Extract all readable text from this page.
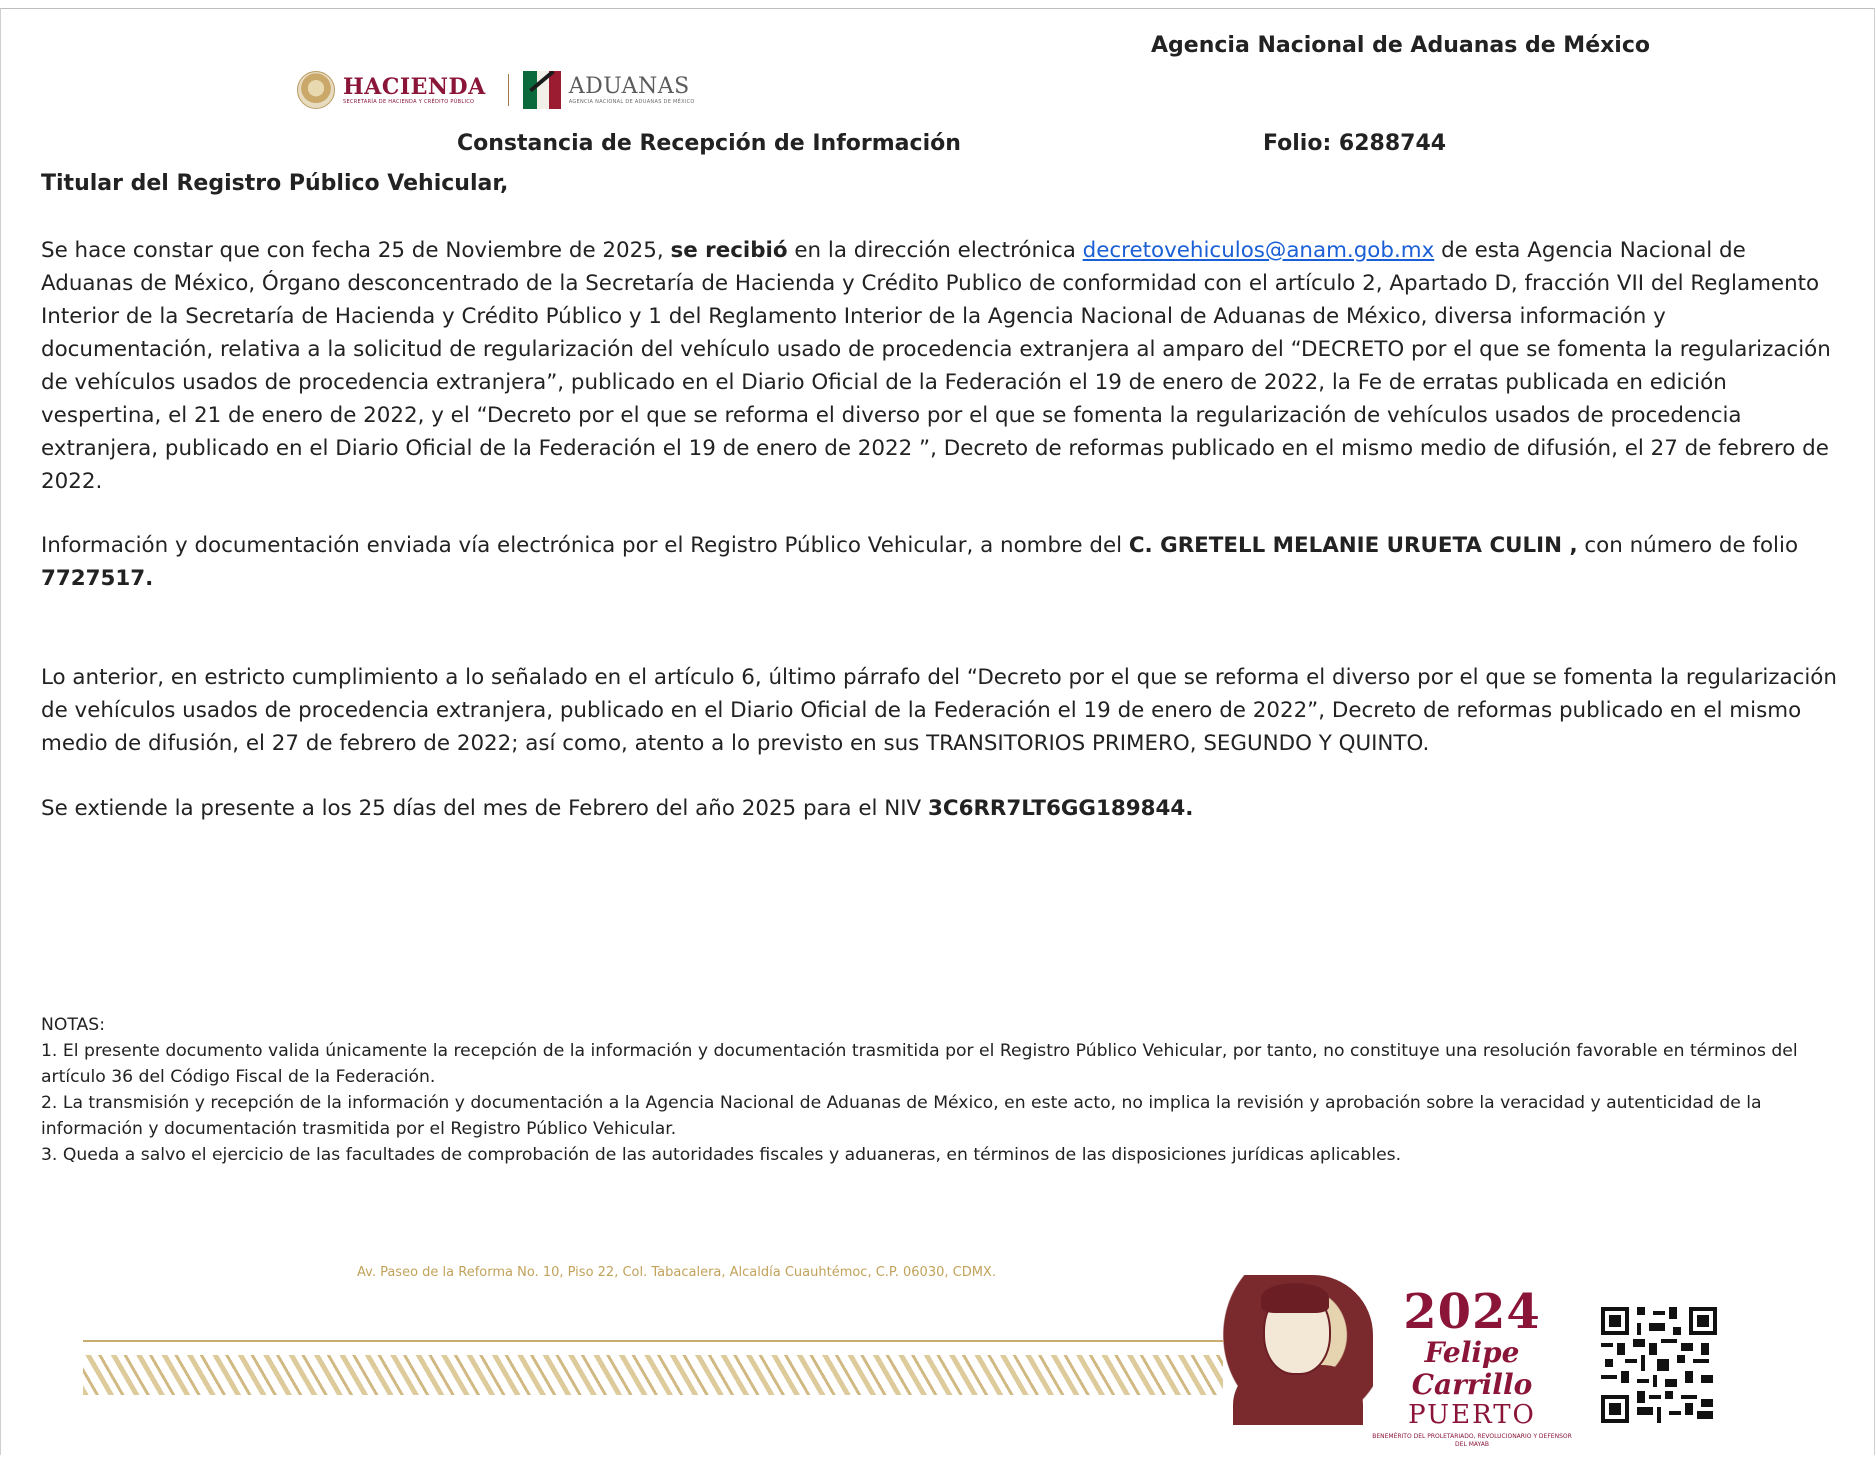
Agencia Nacional de Aduanas de México
HACIENDA
SECRETARÍA DE HACIENDA Y CRÉDITO PÚBLICO
ADUANAS
AGENCIA NACIONAL DE ADUANAS DE MÉXICO
Constancia de Recepción de Información	Folio: 6288744
Titular del Registro Público Vehicular,

Se hace constar que con fecha 25 de Noviembre de 2025, se recibió en la dirección electrónica decretovehiculos@anam.gob.mx de esta Agencia Nacional de Aduanas de México, Órgano desconcentrado de la Secretaría de Hacienda y Crédito Publico de conformidad con el artículo 2, Apartado D, fracción VII del Reglamento Interior de la Secretaría de Hacienda y Crédito Público y 1 del Reglamento Interior de la Agencia Nacional de Aduanas de México, diversa información y documentación, relativa a la solicitud de regularización del vehículo usado de procedencia extranjera al amparo del “DECRETO por el que se fomenta la regularización de vehículos usados de procedencia extranjera”, publicado en el Diario Oficial de la Federación el 19 de enero de 2022, la Fe de erratas publicada en edición vespertina, el 21 de enero de 2022, y el “Decreto por el que se reforma el diverso por el que se fomenta la regularización de vehículos usados de procedencia extranjera, publicado en el Diario Oficial de la Federación el 19 de enero de 2022 ”, Decreto de reformas publicado en el mismo medio de difusión, el 27 de febrero de 2022.

Información y documentación enviada vía electrónica por el Registro Público Vehicular, a nombre del C. GRETELL MELANIE URUETA CULIN , con número de folio 7727517.

Lo anterior, en estricto cumplimiento a lo señalado en el artículo 6, último párrafo del “Decreto por el que se reforma el diverso por el que se fomenta la regularización de vehículos usados de procedencia extranjera, publicado en el Diario Oficial de la Federación el 19 de enero de 2022”, Decreto de reformas publicado en el mismo medio de difusión, el 27 de febrero de 2022; así como, atento a lo previsto en sus TRANSITORIOS PRIMERO, SEGUNDO Y QUINTO.

Se extiende la presente a los 25 días del mes de Febrero del año 2025 para el NIV 3C6RR7LT6GG189844.

NOTAS:
1. El presente documento valida únicamente la recepción de la información y documentación trasmitida por el Registro Público Vehicular, por tanto, no constituye una resolución favorable en términos del artículo 36 del Código Fiscal de la Federación.
2. La transmisión y recepción de la información y documentación a la Agencia Nacional de Aduanas de México, en este acto, no implica la revisión y aprobación sobre la veracidad y autenticidad de la información y documentación trasmitida por el Registro Público Vehicular.
3. Queda a salvo el ejercicio de las facultades de comprobación de las autoridades fiscales y aduaneras, en términos de las disposiciones jurídicas aplicables.
Av. Paseo de la Reforma No. 10, Piso 22, Col. Tabacalera, Alcaldía Cuauhtémoc, C.P. 06030, CDMX.
2024
Felipe Carrillo
PUERTO
BENEMÉRITO DEL PROLETARIADO, REVOLUCIONARIO Y DEFENSOR DEL MAYAB
